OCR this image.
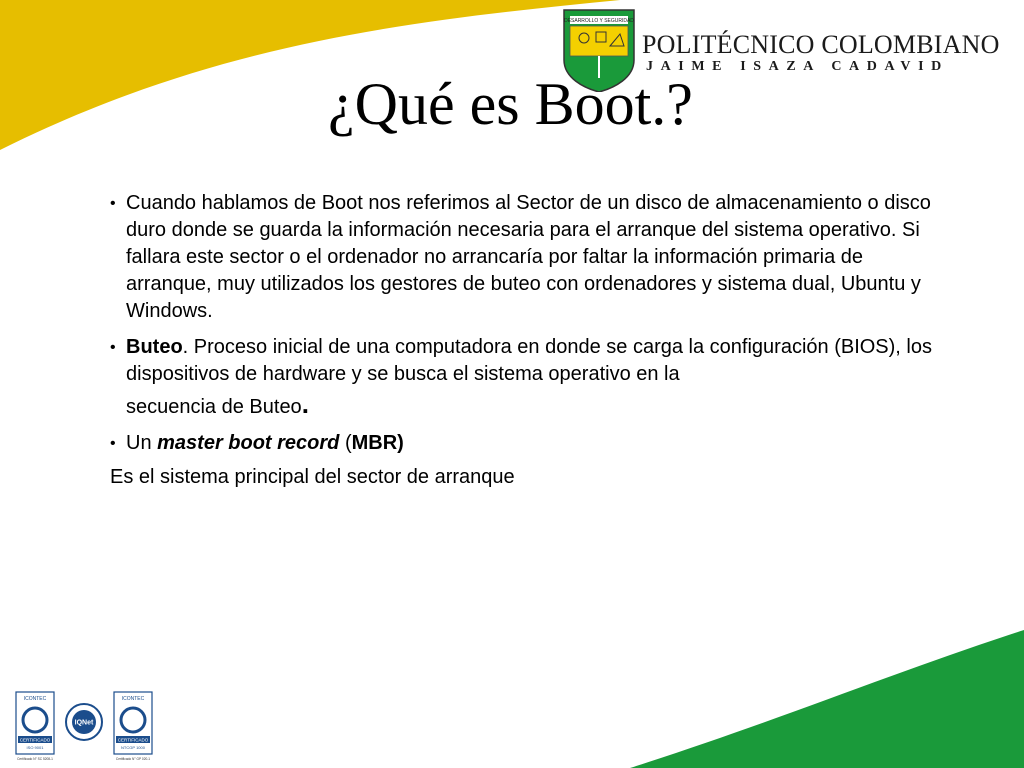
DESARROLLO Y SEGURIDAD
POLITÉCNICO COLOMBIANO
JAIME ISAZA CADAVID
¿Qué es Boot.?

• Cuando hablamos de Boot nos referimos al Sector de un disco de almacenamiento o disco duro donde se guarda la información necesaria para el arranque del sistema operativo. Si fallara este sector o el ordenador no arrancaría por faltar la información primaria de arranque, muy utilizados los gestores de buteo con ordenadores y sistema dual, Ubuntu y Windows.

• Buteo. Proceso inicial de una computadora en donde se carga la configuración (BIOS), los dispositivos de hardware y se busca el sistema operativo en la
secuencia de Buteo.

• Un master boot record (MBR)

Es el sistema principal del sector de arranque

ICONTEC
CERTIFICADO
ISO 9001
Certificado N° SC 5208-1
IQNet
ICONTEC
CERTIFICADO
NTCGP 1000
Certificado N° GP 020-1
